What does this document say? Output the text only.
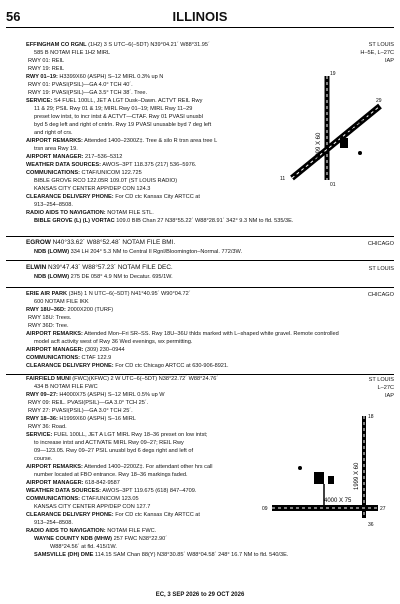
56	ILLINOIS
EFFINGHAM CO RGNL (1H2) 3 S UTC–6(–5DT) N39°04.21´ W88°31.95´
585 B NOTAM FILE 1H2 MIRL
RWY 01: REIL
RWY 19: REIL
RWY 01–19: H3399X60 (ASPH) S–12 MIRL 0.3% up N
RWY 01: PVASI(PSIL)—GA 4.0° TCH 40´.
RWY 19: PVASI(PSIL)—GA 3.5° TCH 38´. Tree.
SERVICE: S4 FUEL 100LL, JET A LGT Dusk–Dawn. ACTVT REIL Rwy
11 & 29; PSIL Rwy 01 & 19; MIRL Rwy 01–19; MIRL Rwy 11–29
preset low intst, to incr intst & ACTVT—CTAF. Rwy 01 PVASI unusbl
byd 5 deg left and right of cntrln. Rwy 19 PVASI unusable byd 7 deg left
and right of crs.
AIRPORT REMARKS: Attended 1400–2300Z‡. Tree & silo R trsn area tree L
trsn area Rwy 19.
AIRPORT MANAGER: 217–536–5312
WEATHER DATA SOURCES: AWOS–3PT 118.375 (217) 536–5976.
COMMUNICATIONS: CTAF/UNICOM 122.725
BIBLE GROVE RCO 122.05R 109.0T (ST LOUIS RADIO)
KANSAS CITY CENTER APP/DEP CON 124.3
CLEARANCE DELIVERY PHONE: For CD ctc Kansas City ARTCC at
913–254–8508.
RADIO AIDS TO NAVIGATION: NOTAM FILE STL.
BIBLE GROVE (L) (L) VORTAC 109.0 BIB Chan 27 N38°55.22´ W88°28.91´ 342° 9.3 NM to fld. 535/3E.
ST LOUIS
H–5E, L–27C
IAP
3399 X 60
6000 X 100
19
01
11
29
EGROW N40°33.62´ W88°52.48´ NOTAM FILE BMI.
NDB (LOMW) 334 LH 204° 5.3 NM to Central Il Rgnl/Bloomington–Normal. 772/3W.
CHICAGO
ELWIN N39°47.43´ W88°57.23´ NOTAM FILE DEC.
NDB (LOMW) 275 DE 058° 4.9 NM to Decatur. 695/1W.
ST LOUIS
ERIE AIR PARK (3H5) 1 N UTC–6(–5DT) N41°40.95´ W90°04.72´
600 NOTAM FILE IKK
RWY 18U–36D: 2000X200 (TURF)
RWY 18U: Trees.
RWY 36D: Tree.
AIRPORT REMARKS: Attended Mon–Fri SR–SS. Rwy 18U–36U thlds marked with L–shaped white gravel. Remote controlled
model acft activity west of Rwy 36 Wed evenings, wx permitting.
AIRPORT MANAGER: (309) 230–0944
COMMUNICATIONS: CTAF 122.9
CLEARANCE DELIVERY PHONE: For CD ctc Chicago ARTCC at 630-906-8921.
CHICAGO
FAIRFIELD MUNI (FWC)(KFWC) 2 W UTC–6(–5DT) N38°22.72´ W88°24.76´
434 B NOTAM FILE FWC
RWY 09–27: H4000X75 (ASPH) S–12 MIRL 0.5% up W
RWY 09: REIL. PVASI(PSIL)—GA 3.0° TCH 25´.
RWY 27: PVASI(PSIL)—GA 3.0° TCH 25´.
RWY 18–36: H1999X60 (ASPH) S–16 MIRL
RWY 36: Road.
SERVICE: FUEL 100LL, JET A LGT MIRL Rwy 18–36 preset on low intst;
to increase intst and ACTIVATE MIRL Rwy 09–27; REIL Rwy
09—123.05. Rwy 09–27 PSIL unusbl byd 6 degs right and left of
course.
AIRPORT REMARKS: Attended 1400–2200Z‡. For attendant other hrs call
number located at FBO entrance. Rwy 18–36 markings faded.
AIRPORT MANAGER: 618-842-9587
WEATHER DATA SOURCES: AWOS–3PT 119.675 (618) 847–4709.
COMMUNICATIONS: CTAF/UNICOM 123.05
KANSAS CITY CENTER APP/DEP CON 127.7
CLEARANCE DELIVERY PHONE: For CD ctc Kansas City ARTCC at
913–254–8508.
RADIO AIDS TO NAVIGATION: NOTAM FILE FWC.
WAYNE COUNTY NDB (MHW) 257 FWC N38°22.90´
W88°24.56´ at fld. 415/1W.
SAMSVILLE (DH) DME 114.15 SAM Chan 88(Y) N38°30.85´ W88°04.58´ 248° 16.7 NM to fld. 540/3E.
ST LOUIS
L–27C
IAP
4000 X 75
1999 X 60
09	27
18
36
EC, 3 SEP 2026 to 29 OCT 2026
